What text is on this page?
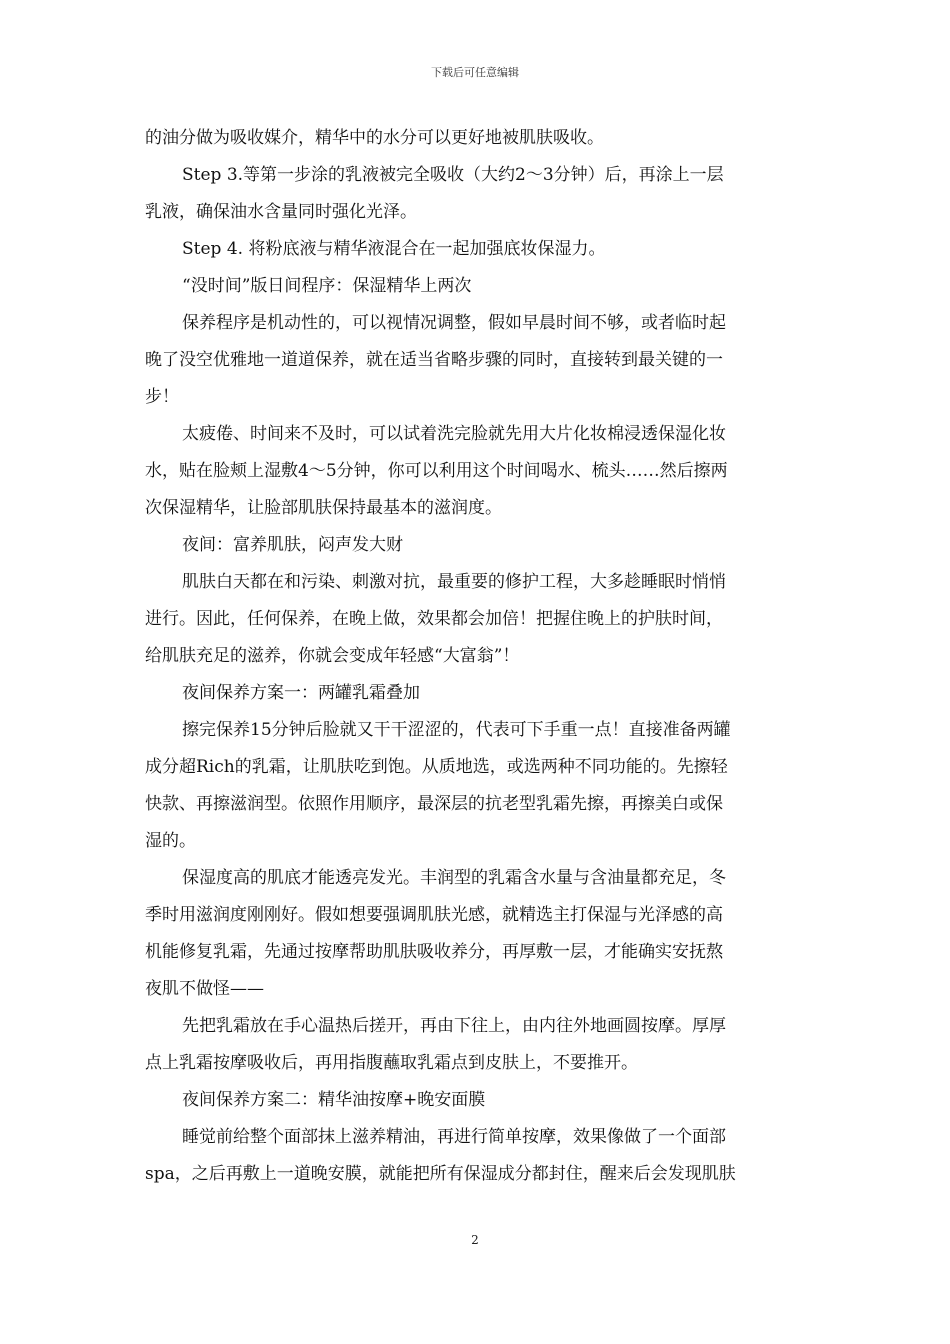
下载后可任意编辑
的油分做为吸收媒介，精华中的水分可以更好地被肌肤吸收。
Step 3.等第一步涂的乳液被完全吸收（大约2～3分钟）后，再涂上一层
乳液，确保油水含量同时强化光泽。
Step 4. 将粉底液与精华液混合在一起加强底妆保湿力。
“没时间”版日间程序：保湿精华上两次
保养程序是机动性的，可以视情况调整，假如早晨时间不够，或者临时起
晚了没空优雅地一道道保养，就在适当省略步骤的同时，直接转到最关键的一
步！
太疲倦、时间来不及时，可以试着洗完脸就先用大片化妆棉浸透保湿化妆
水，贴在脸颊上湿敷4～5分钟，你可以利用这个时间喝水、梳头……然后擦两
次保湿精华，让脸部肌肤保持最基本的滋润度。
夜间：富养肌肤，闷声发大财
肌肤白天都在和污染、刺激对抗，最重要的修护工程，大多趁睡眠时悄悄
进行。因此，任何保养，在晚上做，效果都会加倍！把握住晚上的护肤时间，
给肌肤充足的滋养，你就会变成年轻感“大富翁”！
夜间保养方案一：两罐乳霜叠加
擦完保养15分钟后脸就又干干涩涩的，代表可下手重一点！直接准备两罐
成分超Rich的乳霜，让肌肤吃到饱。从质地选，或选两种不同功能的。先擦轻
快款、再擦滋润型。依照作用顺序，最深层的抗老型乳霜先擦，再擦美白或保
湿的。
保湿度高的肌底才能透亮发光。丰润型的乳霜含水量与含油量都充足，冬
季时用滋润度刚刚好。假如想要强调肌肤光感，就精选主打保湿与光泽感的高
机能修复乳霜，先通过按摩帮助肌肤吸收养分，再厚敷一层，才能确实安抚熬
夜肌不做怪——
先把乳霜放在手心温热后搓开，再由下往上，由内往外地画圆按摩。厚厚
点上乳霜按摩吸收后，再用指腹蘸取乳霜点到皮肤上，不要推开。
夜间保养方案二：精华油按摩+晚安面膜
睡觉前给整个面部抹上滋养精油，再进行简单按摩，效果像做了一个面部
spa，之后再敷上一道晚安膜，就能把所有保湿成分都封住，醒来后会发现肌肤
2
